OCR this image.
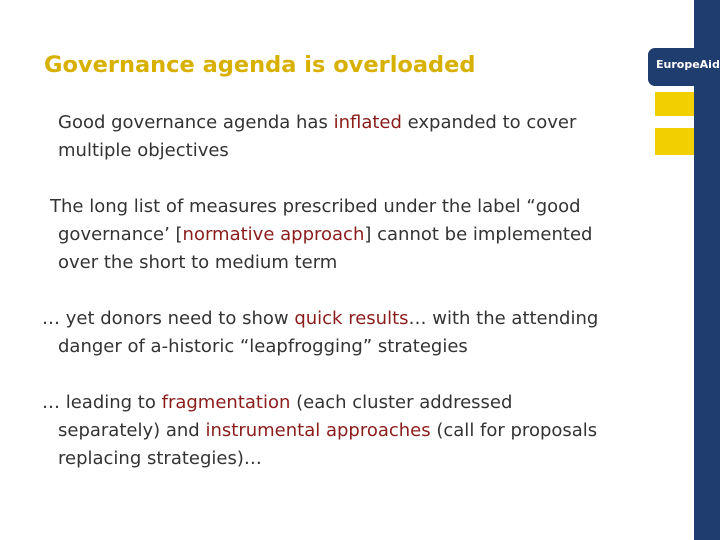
EuropeAid
Governance agenda is overloaded

Good governance agenda has inflated expanded to cover
multiple objectives

The long list of measures prescribed under the label “good
governance’ [normative approach] cannot be implemented
over the short to medium term

… yet donors need to show quick results… with the attending
danger of a-historic “leapfrogging” strategies

… leading to fragmentation (each cluster addressed
separately) and instrumental approaches (call for proposals
replacing strategies)…
